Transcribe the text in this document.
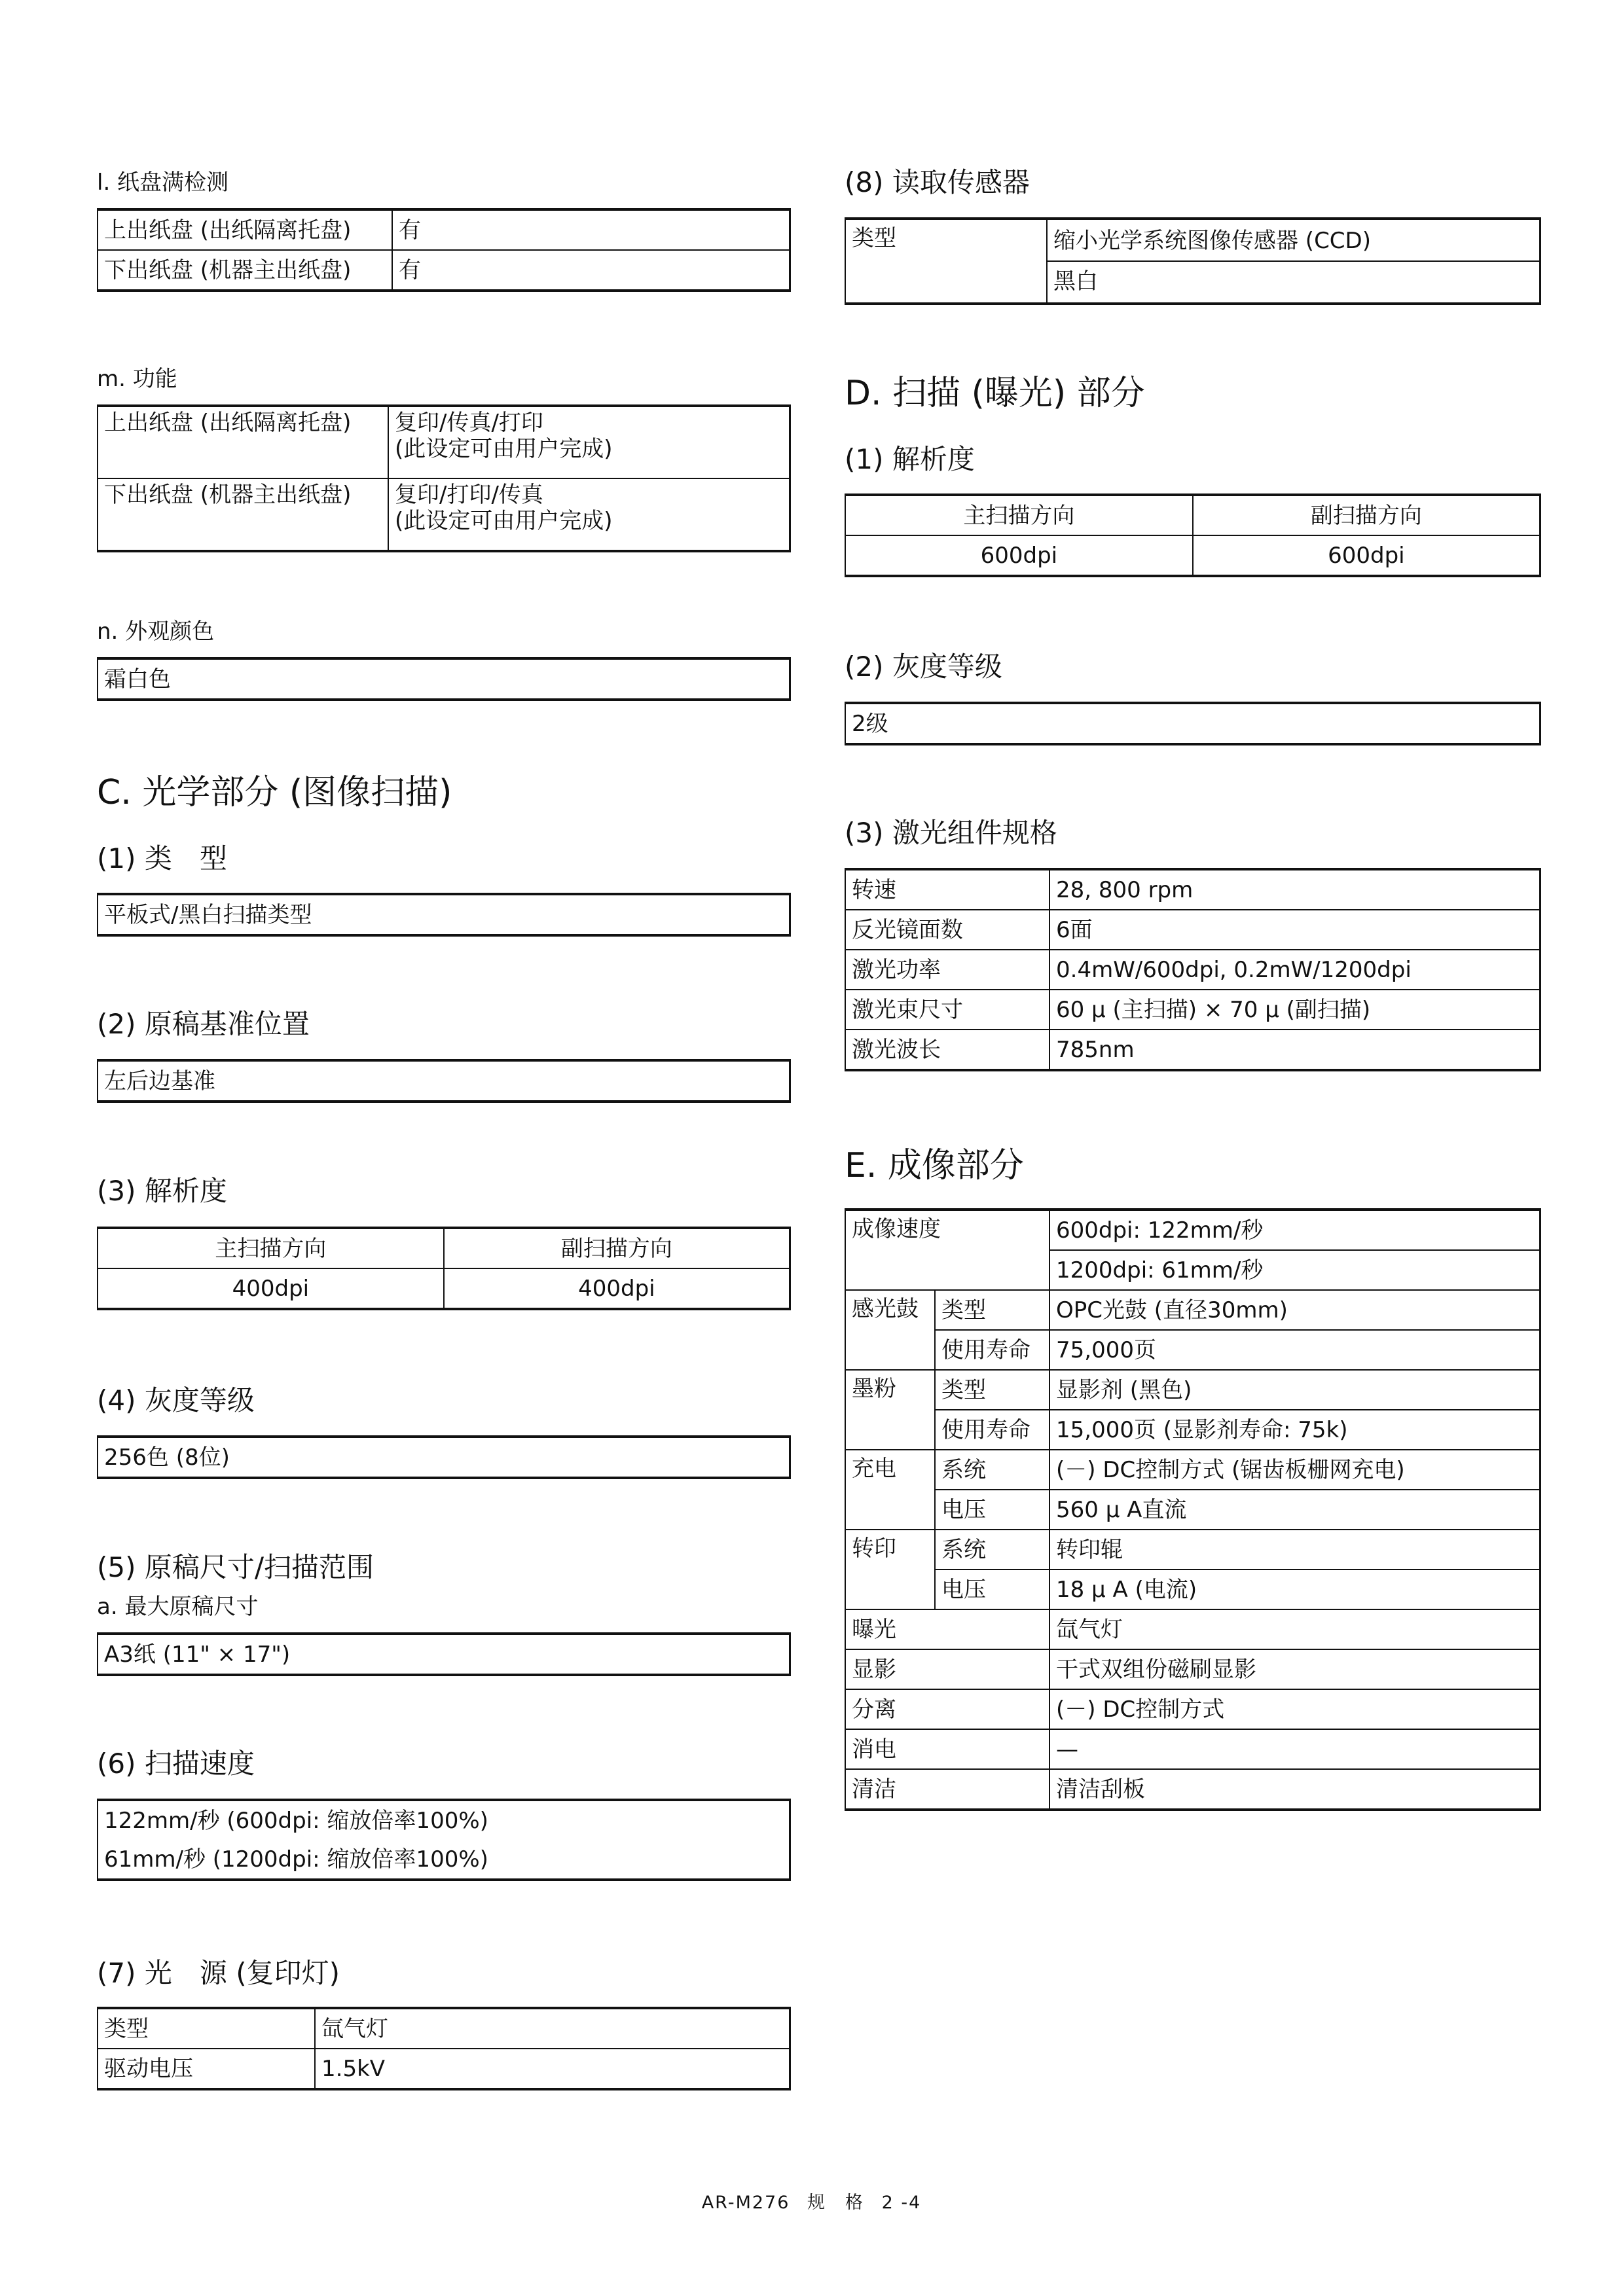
l. 纸盘满检测
上出纸盘 (出纸隔离托盘)	有
下出纸盘 (机器主出纸盘)	有
m. 功能
上出纸盘 (出纸隔离托盘)	复印/传真/打印
(此设定可由用户完成)

下出纸盘 (机器主出纸盘)	复印/打印/传真
(此设定可由用户完成)
n. 外观颜色
霜白色
C. 光学部分 (图像扫描)
(1) 类　型
平板式/黑白扫描类型
(2) 原稿基准位置
左后边基准
(3) 解析度
主扫描方向	副扫描方向
400dpi	400dpi
(4) 灰度等级
256色 (8位)
(5) 原稿尺寸/扫描范围
a. 最大原稿尺寸
A3纸 (11" × 17")
(6) 扫描速度
122mm/秒 (600dpi: 缩放倍率100%)
61mm/秒 (1200dpi: 缩放倍率100%)
(7) 光　源 (复印灯)
类型	氙气灯
驱动电压	1.5kV
(8) 读取传感器
类型	缩小光学系统图像传感器 (CCD)
黑白
D. 扫描 (曝光) 部分
(1) 解析度
主扫描方向	副扫描方向
600dpi	600dpi
(2) 灰度等级
2级
(3) 激光组件规格
转速	28, 800 rpm
反光镜面数	6面
激光功率	0.4mW/600dpi, 0.2mW/1200dpi
激光束尺寸	60 μ (主扫描) × 70 μ (副扫描)
激光波长	785nm
E. 成像部分
成像速度		600dpi: 122mm/秒
		1200dpi: 61mm/秒
感光鼓	类型	OPC光鼓 (直径30mm)
	使用寿命	75,000页
墨粉	类型	显影剂 (黑色)
	使用寿命	15,000页 (显影剂寿命: 75k)
充电	系统	(－) DC控制方式 (锯齿板栅网充电)
	电压	560 μ A直流
转印	系统	转印辊
	电压	18 μ A (电流)
曝光		氙气灯
显影		干式双组份磁刷显影
分离		(－) DC控制方式
消电		—
清洁		清洁刮板
AR-M276 规　格 2 -4
